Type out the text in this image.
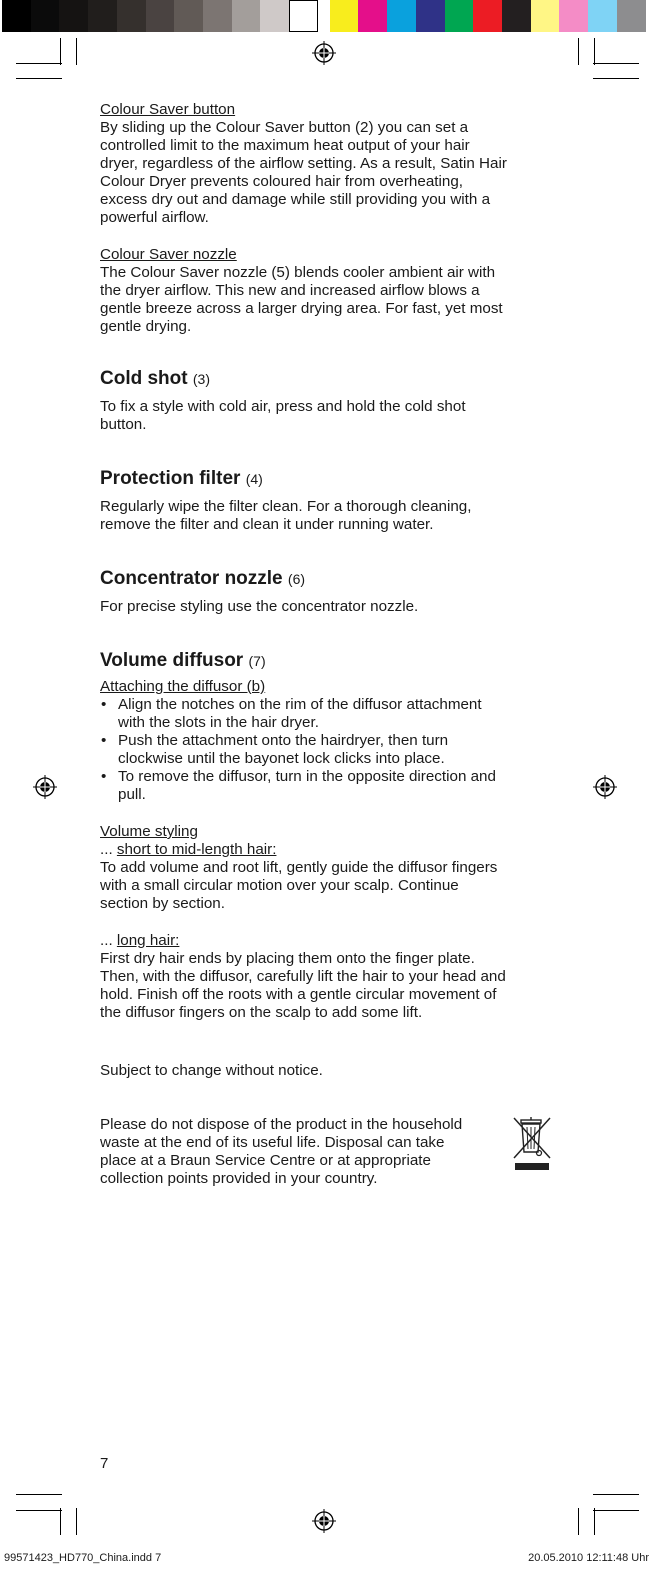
Colour Saver button
By sliding up the Colour Saver button (2) you can set a
controlled limit to the maximum heat output of your hair
dryer, regardless of the airflow setting. As a result, Satin Hair
Colour Dryer prevents coloured hair from overheating,
excess dry out and damage while still providing you with a
powerful airflow.
Colour Saver nozzle
The Colour Saver nozzle (5) blends cooler ambient air with
the dryer airflow. This new and increased airflow blows a
gentle breeze across a larger drying area. For fast, yet most
gentle drying.
Cold shot (3)
To fix a style with cold air, press and hold the cold shot
button.
Protection filter (4)
Regularly wipe the filter clean. For a thorough cleaning,
remove the filter and clean it under running water.
Concentrator nozzle (6)
For precise styling use the concentrator nozzle.
Volume diffusor (7)
Attaching the diffusor (b)
• Align the notches on the rim of the diffusor attachment
with the slots in the hair dryer.
• Push the attachment onto the hairdryer, then turn
clockwise until the bayonet lock clicks into place.
• To remove the diffusor, turn in the opposite direction and
pull.
Volume styling
... short to mid-length hair:
To add volume and root lift, gently guide the diffusor fingers
with a small circular motion over your scalp. Continue
section by section.
... long hair:
First dry hair ends by placing them onto the finger plate.
Then, with the diffusor, carefully lift the hair to your head and
hold. Finish off the roots with a gentle circular movement of
the diffusor fingers on the scalp to add some lift.
Subject to change without notice.
Please do not dispose of the product in the household
waste at the end of its useful life. Disposal can take
place at a Braun Service Centre or at appropriate
collection points provided in your country.
7
99571423_HD770_China.indd 7	20.05.2010 12:11:48 Uhr
